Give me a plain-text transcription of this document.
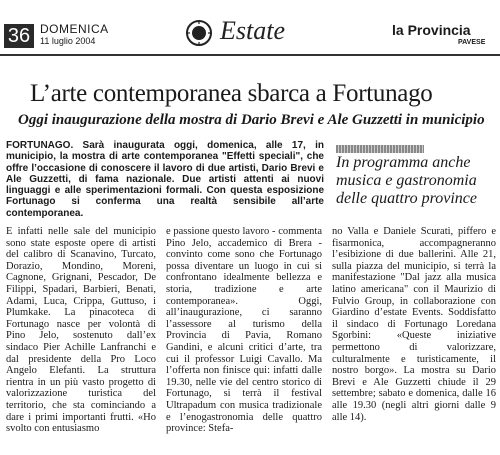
36 DOMENICA
11 luglio 2004	Estate	la Provincia
PAVESE
L’arte contemporanea sbarca a Fortunago
Oggi inaugurazione della mostra di Dario Brevi e Ale Guzzetti in municipio
FORTUNAGO. Sarà inaugurata oggi, domenica, alle 17, in municipio, la mostra di arte contemporanea "Effetti speciali", che offre l’occasione di conoscere il lavoro di due artisti, Dario Brevi e Ale Guzzetti, di fama nazionale. Due artisti attenti ai nuovi linguaggi e alle sperimentazioni formali. Con questa esposizione Fortunago si conferma una realtà sensibile all’arte contemporanea.
In programma anche musica e gastronomia delle quattro province

E infatti nelle sale del municipio sono state esposte opere di artisti del calibro di Scanavino, Turcato, Dorazio, Mondino, Moreni, Cagnone, Grignani, Pescador, De Filippi, Spadari, Barbieri, Benati, Adami, Luca, Crippa, Guttuso, i Plumkake. La pinacoteca di Fortunago nasce per volontà di Pino Jelo, sostenuto dall’ex sindaco Pier Achille Lanfranchi e dal presidente della Pro Loco Angelo Elefanti. La struttura rientra in un più vasto progetto di valorizzazione turistica del territorio, che sta cominciando a dare i primi importanti frutti. «Ho svolto con entusiasmo

e passione questo lavoro - commenta Pino Jelo, accademico di Brera - convinto come sono che Fortunago possa diventare un luogo in cui si confrontano idealmente bellezza e storia, tradizione e arte contemporanea». Oggi, all’inaugurazione, ci saranno l’assessore al turismo della Provincia di Pavia, Romano Gandini, e alcuni critici d’arte, tra cui il professor Luigi Cavallo. Ma l’offerta non finisce qui: infatti dalle 19.30, nelle vie del centro storico di Fortunago, si terrà il festival Ultrapadum con musica tradizionale e l’enogastronomia delle quattro province: Stefa-

no Valla e Daniele Scurati, piffero e fisarmonica, accompagneranno l’esibizione di due ballerini. Alle 21, sulla piazza del municipio, si terrà la manifestazione "Dal jazz alla musica latino americana" con il Maurizio di Fulvio Group, in collaborazione con Giardino d’estate Events. Soddisfatto il sindaco di Fortunago Loredana Sgorbini: «Queste iniziative permettono di valorizzare, culturalmente e turisticamente, il nostro borgo». La mostra su Dario Brevi e Ale Guzzetti chiude il 29 settembre; sabato e domenica, dalle 16 alle 19.30 (negli altri giorni dalle 9 alle 14).
